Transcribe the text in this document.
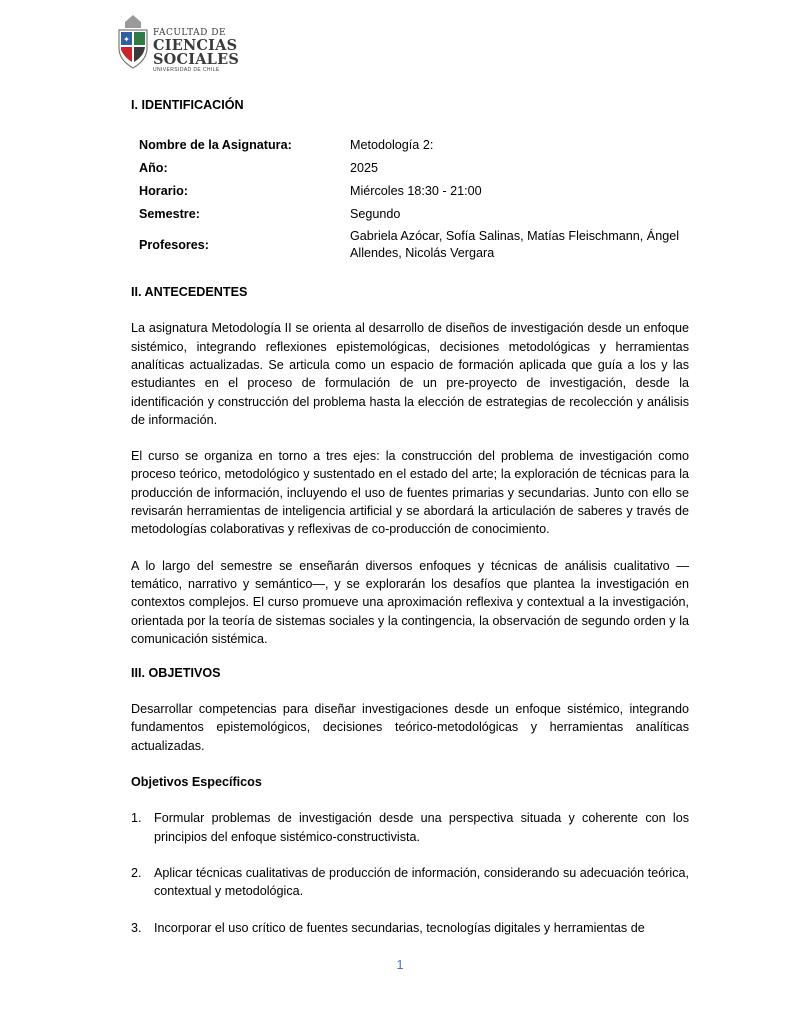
✦
FACULTAD DE
CIENCIAS
SOCIALES
UNIVERSIDAD DE CHILE
I. IDENTIFICACIÓN
Nombre de la Asignatura:	Metodología 2:
Año:	2025
Horario:	Miércoles 18:30 - 21:00
Semestre:	Segundo
Profesores:
Gabriela Azócar, Sofía Salinas, Matías Fleischmann, Ángel Allendes, Nicolás Vergara
II. ANTECEDENTES

La asignatura Metodología II se orienta al desarrollo de diseños de investigación desde un enfoque sistémico, integrando reflexiones epistemológicas, decisiones metodológicas y herramientas analíticas actualizadas. Se articula como un espacio de formación aplicada que guía a los y las estudiantes en el proceso de formulación de un pre-proyecto de investigación, desde la identificación y construcción del problema hasta la elección de estrategias de recolección y análisis de información.

El curso se organiza en torno a tres ejes: la construcción del problema de investigación como proceso teórico, metodológico y sustentado en el estado del arte; la exploración de técnicas para la producción de información, incluyendo el uso de fuentes primarias y secundarias. Junto con ello se revisarán herramientas de inteligencia artificial y se abordará la articulación de saberes y través de metodologías colaborativas y reflexivas de co-producción de conocimiento.

A lo largo del semestre se enseñarán diversos enfoques y técnicas de análisis cualitativo — temático, narrativo y semántico—, y se explorarán los desafíos que plantea la investigación en contextos complejos. El curso promueve una aproximación reflexiva y contextual a la investigación, orientada por la teoría de sistemas sociales y la contingencia, la observación de segundo orden y la comunicación sistémica.

III. OBJETIVOS

Desarrollar competencias para diseñar investigaciones desde un enfoque sistémico, integrando fundamentos epistemológicos, decisiones teórico-metodológicas y herramientas analíticas actualizadas.

Objetivos Específicos
1. Formular problemas de investigación desde una perspectiva situada y coherente con los principios del enfoque sistémico-constructivista.
2. Aplicar técnicas cualitativas de producción de información, considerando su adecuación teórica, contextual y metodológica.
3. Incorporar el uso crítico de fuentes secundarias, tecnologías digitales y herramientas de
1
